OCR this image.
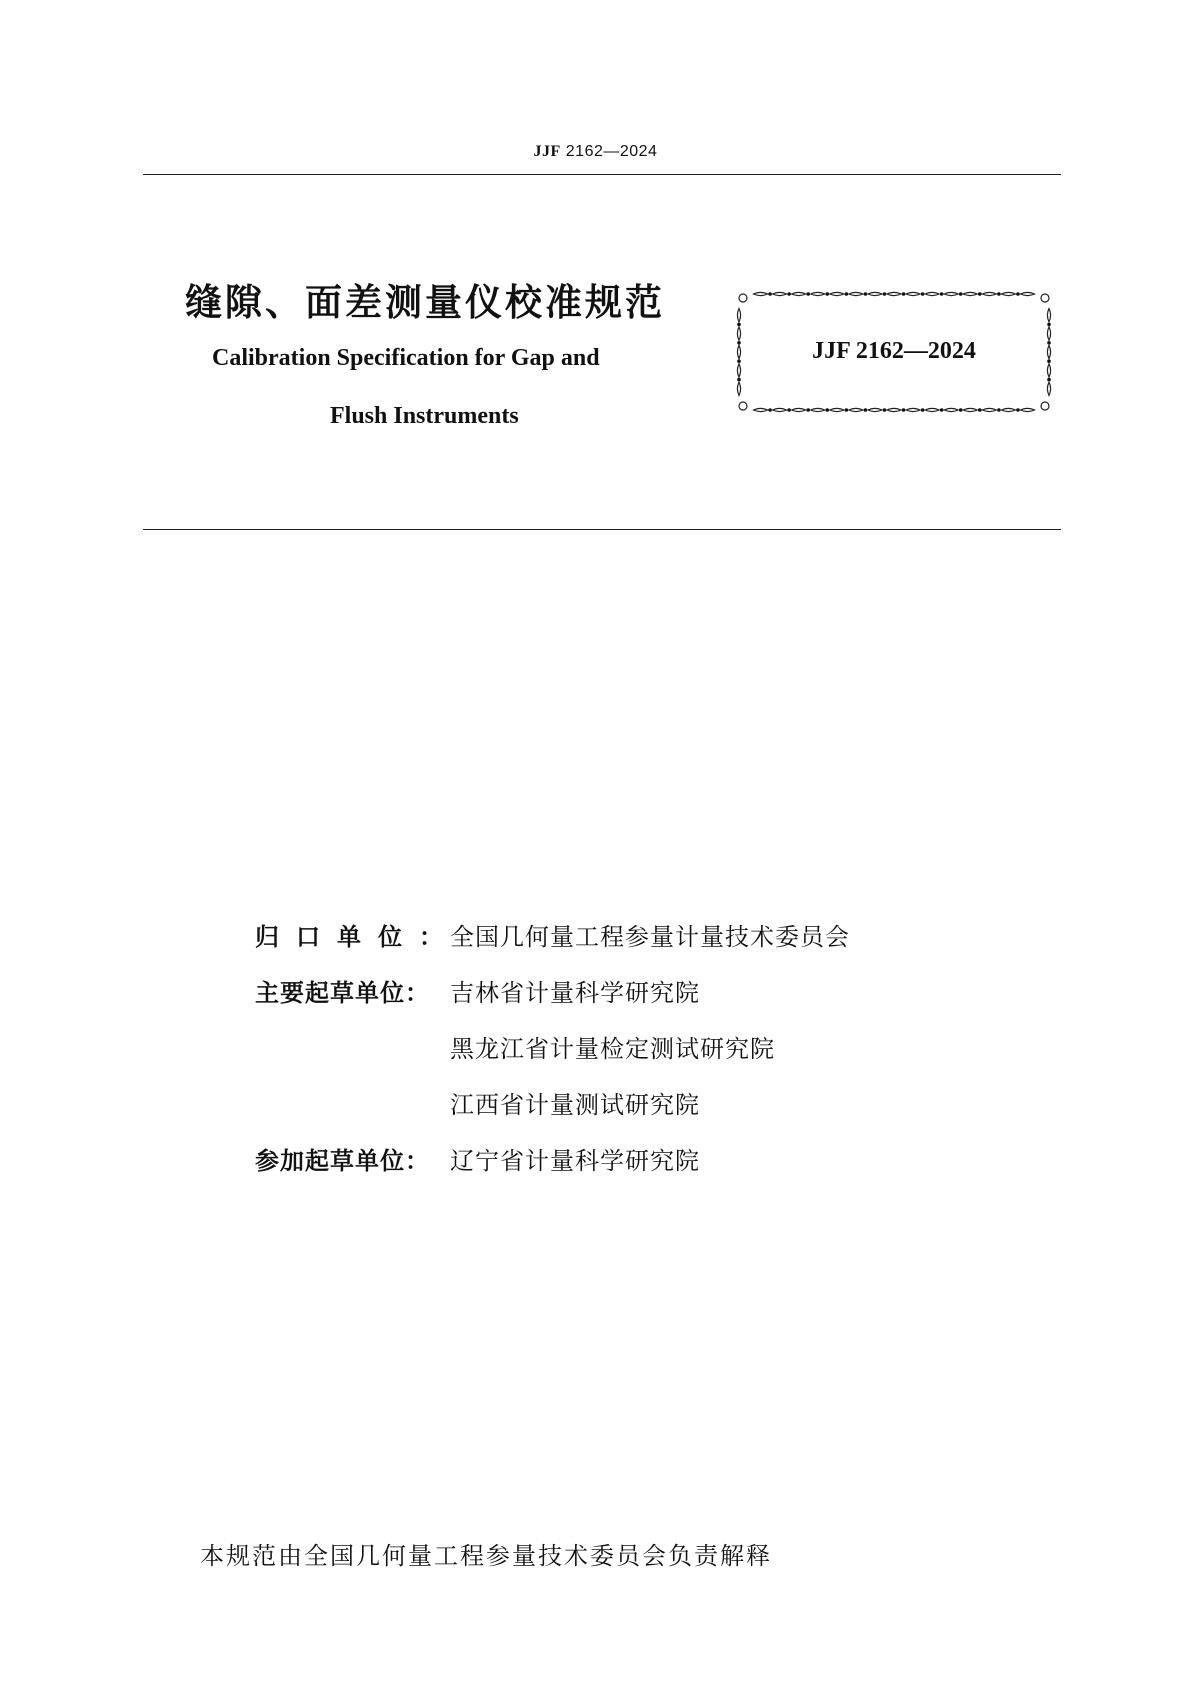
JJF 2162—2024
缝隙、面差测量仪校准规范
Calibration Specification for Gap and
Flush Instruments
JJF 2162—2024
归口单位：全国几何量工程参量计量技术委员会
主要起草单位： 吉林省计量科学研究院
黑龙江省计量检定测试研究院
江西省计量测试研究院
参加起草单位： 辽宁省计量科学研究院
本规范由全国几何量工程参量技术委员会负责解释
